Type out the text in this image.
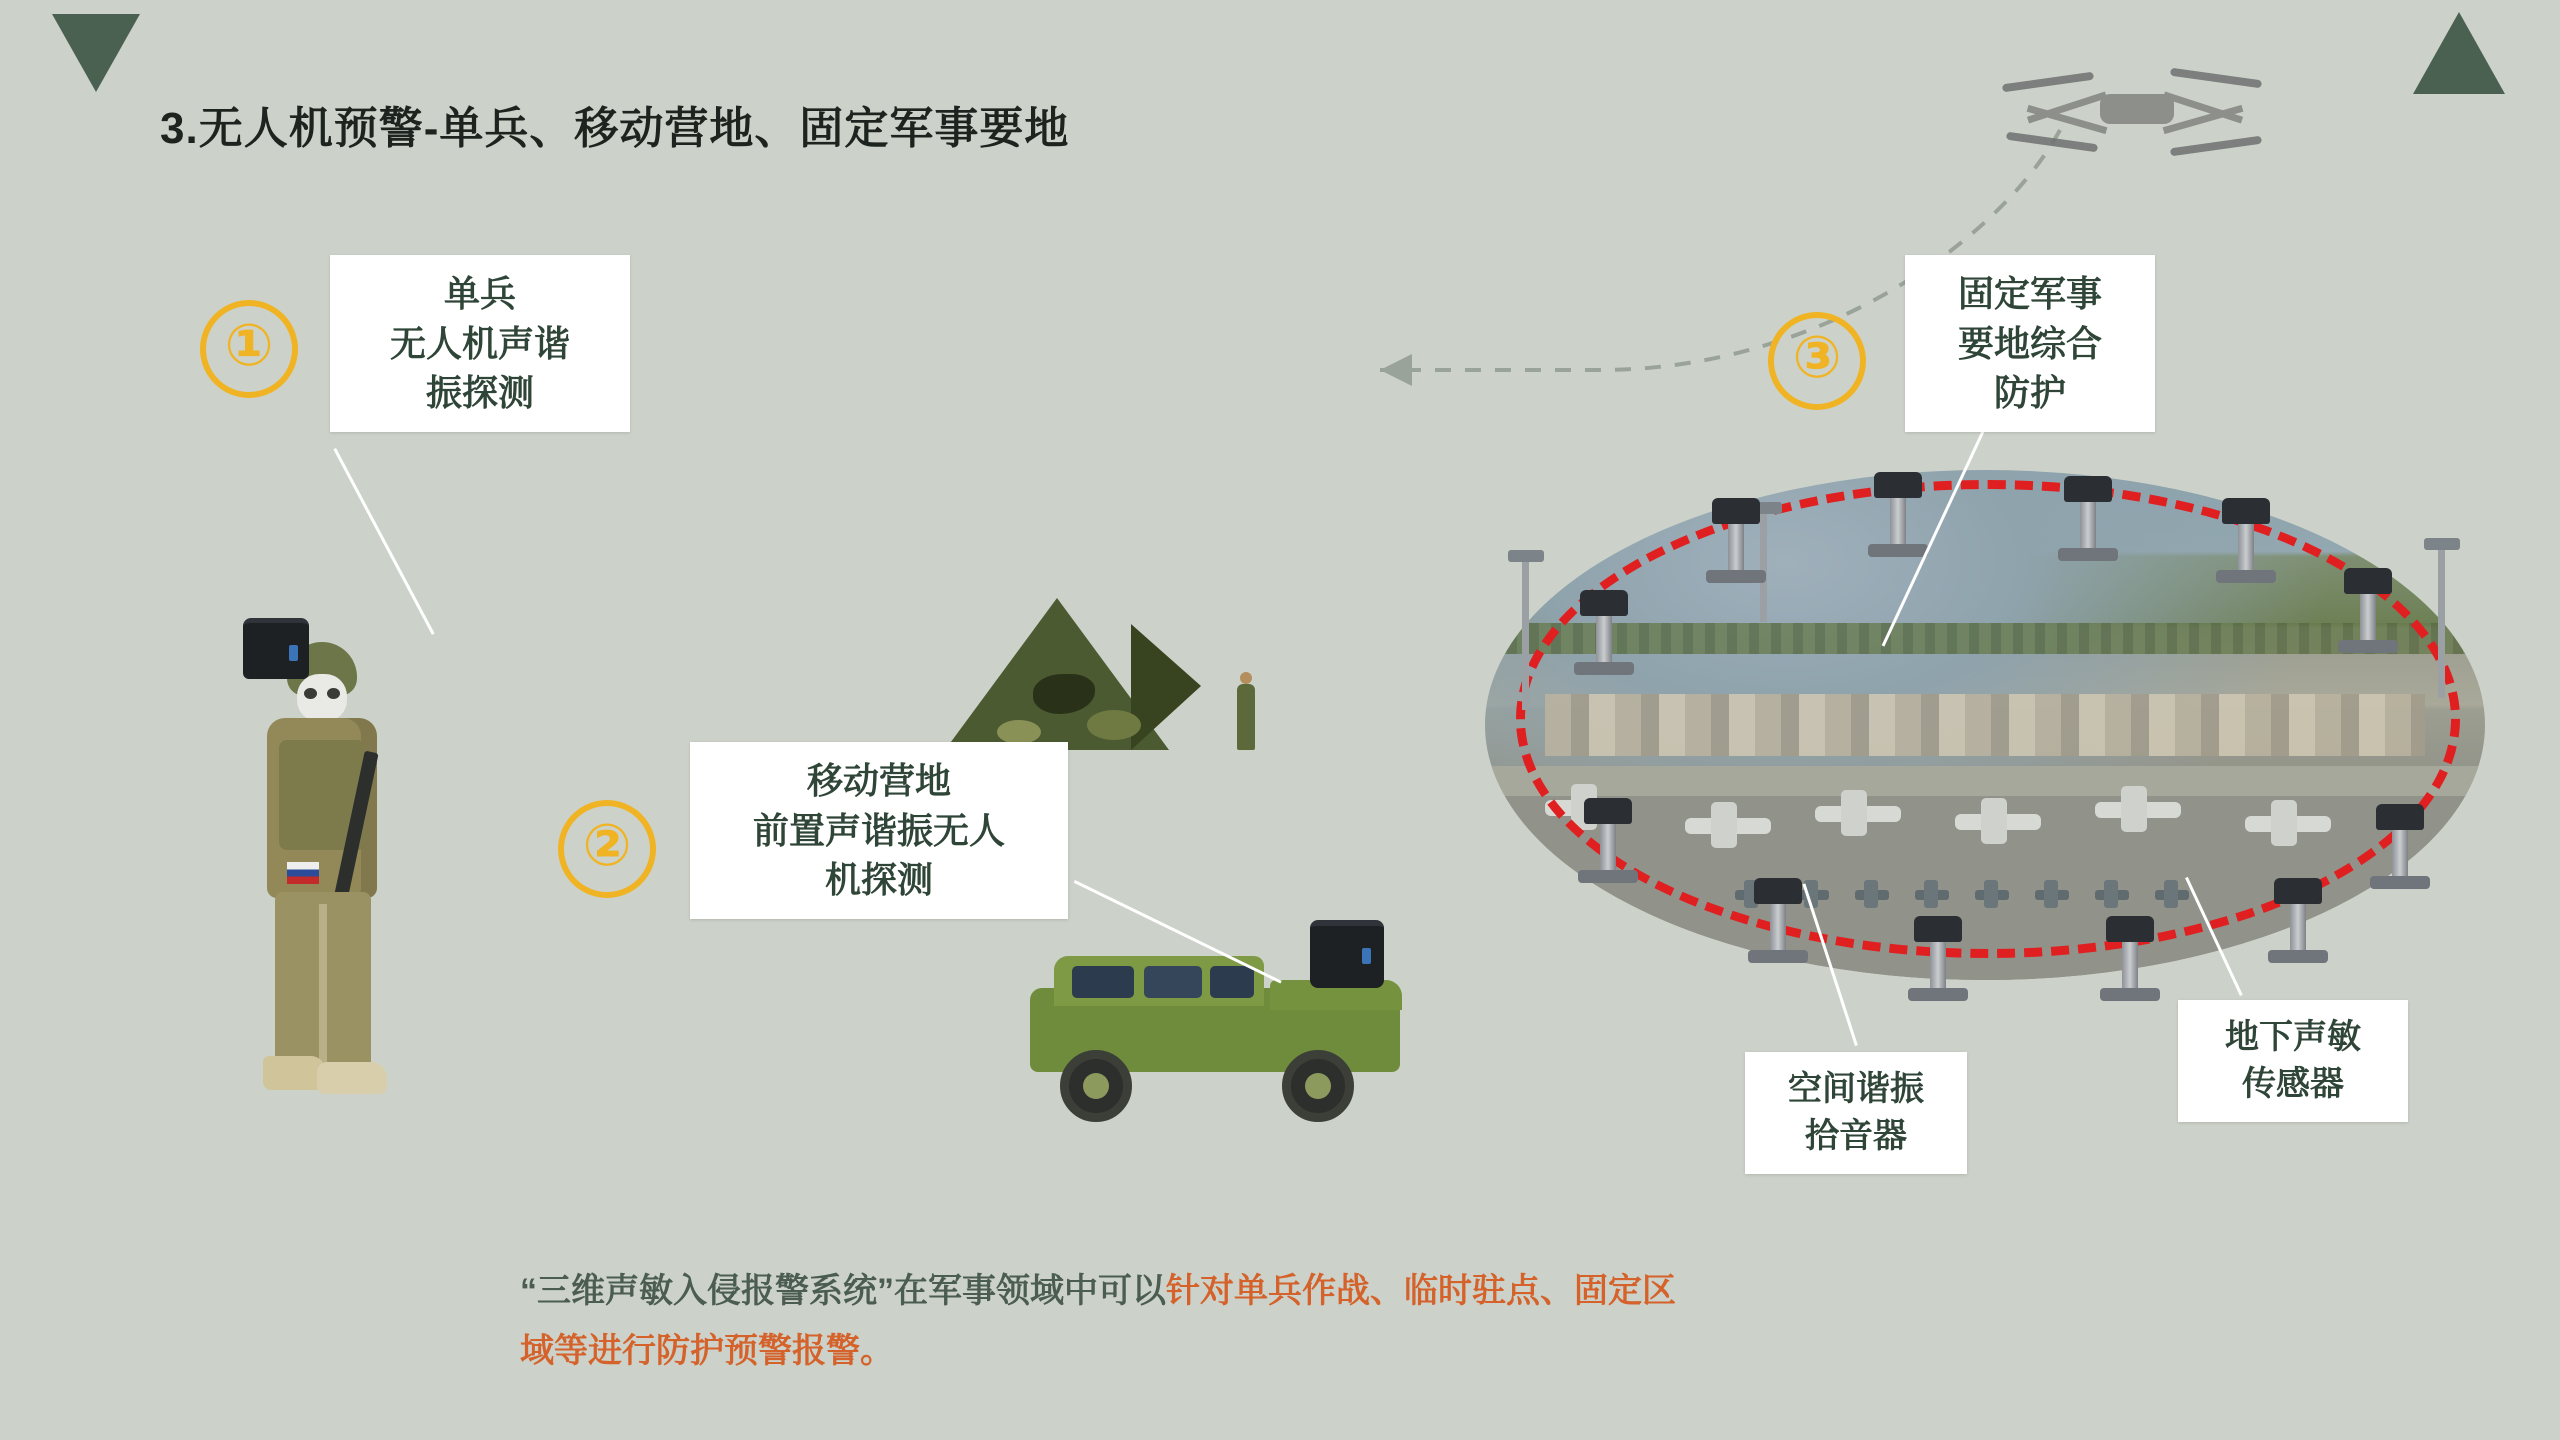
3.无人机预警-单兵、移动营地、固定军事要地
①
②
③
单兵
无人机声谐
振探测
移动营地
前置声谐振无人
机探测
固定军事
要地综合
防护
空间谐振
拾音器
地下声敏
传感器
“三维声敏入侵报警系统”在军事领域中可以针对单兵作战、临时驻点、固定区
域等进行防护预警报警。
